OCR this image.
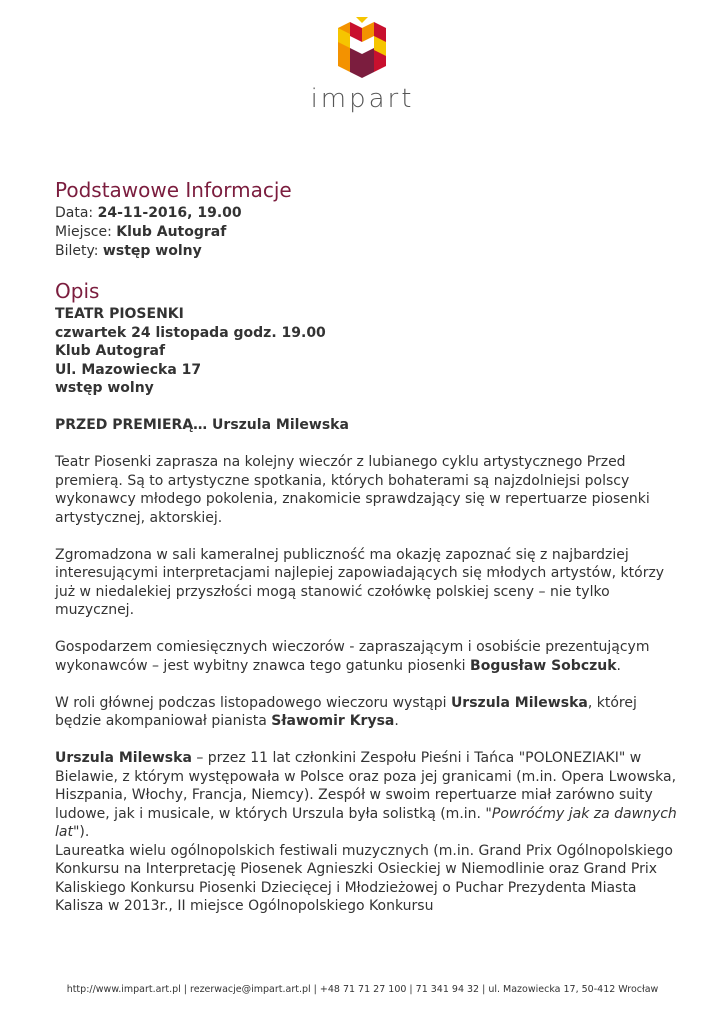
impart
Podstawowe Informacje
Data: 24-11-2016, 19.00
Miejsce: Klub Autograf
Bilety: wstęp wolny
Opis
TEATR PIOSENKI
czwartek 24 listopada godz. 19.00
Klub Autograf
Ul. Mazowiecka 17
wstęp wolny

PRZED PREMIERĄ… Urszula Milewska

Teatr Piosenki zaprasza na kolejny wieczór z lubianego cyklu artystycznego Przed premierą. Są to artystyczne spotkania, których bohaterami są najzdolniejsi polscy wykonawcy młodego pokolenia, znakomicie sprawdzający się w repertuarze piosenki artystycznej, aktorskiej.

Zgromadzona w sali kameralnej publiczność ma okazję zapoznać się z najbardziej interesującymi interpretacjami najlepiej zapowiadających się młodych artystów, którzy już w niedalekiej przyszłości mogą stanowić czołówkę polskiej sceny – nie tylko muzycznej.

Gospodarzem comiesięcznych wieczorów - zapraszającym i osobiście prezentującym wykonawców – jest wybitny znawca tego gatunku piosenki Bogusław Sobczuk.

W roli głównej podczas listopadowego wieczoru wystąpi Urszula Milewska, której będzie akompaniował pianista Sławomir Krysa.

Urszula Milewska – przez 11 lat członkini Zespołu Pieśni i Tańca "POLONEZIAKI" w Bielawie, z którym występowała w Polsce oraz poza jej granicami (m.in. Opera Lwowska, Hiszpania, Włochy, Francja, Niemcy). Zespół w swoim repertuarze miał zarówno suity ludowe, jak i musicale, w których Urszula była solistką (m.in. "Powróćmy jak za dawnych lat").

Laureatka wielu ogólnopolskich festiwali muzycznych (m.in. Grand Prix Ogólnopolskiego Konkursu na Interpretację Piosenek Agnieszki Osieckiej w Niemodlinie oraz Grand Prix Kaliskiego Konkursu Piosenki Dziecięcej i Młodzieżowej o Puchar Prezydenta Miasta Kalisza w 2013r., II miejsce Ogólnopolskiego Konkursu

http://www.impart.art.pl | rezerwacje@impart.art.pl | +48 71 71 27 100 | 71 341 94 32 | ul. Mazowiecka 17, 50-412 Wrocław
